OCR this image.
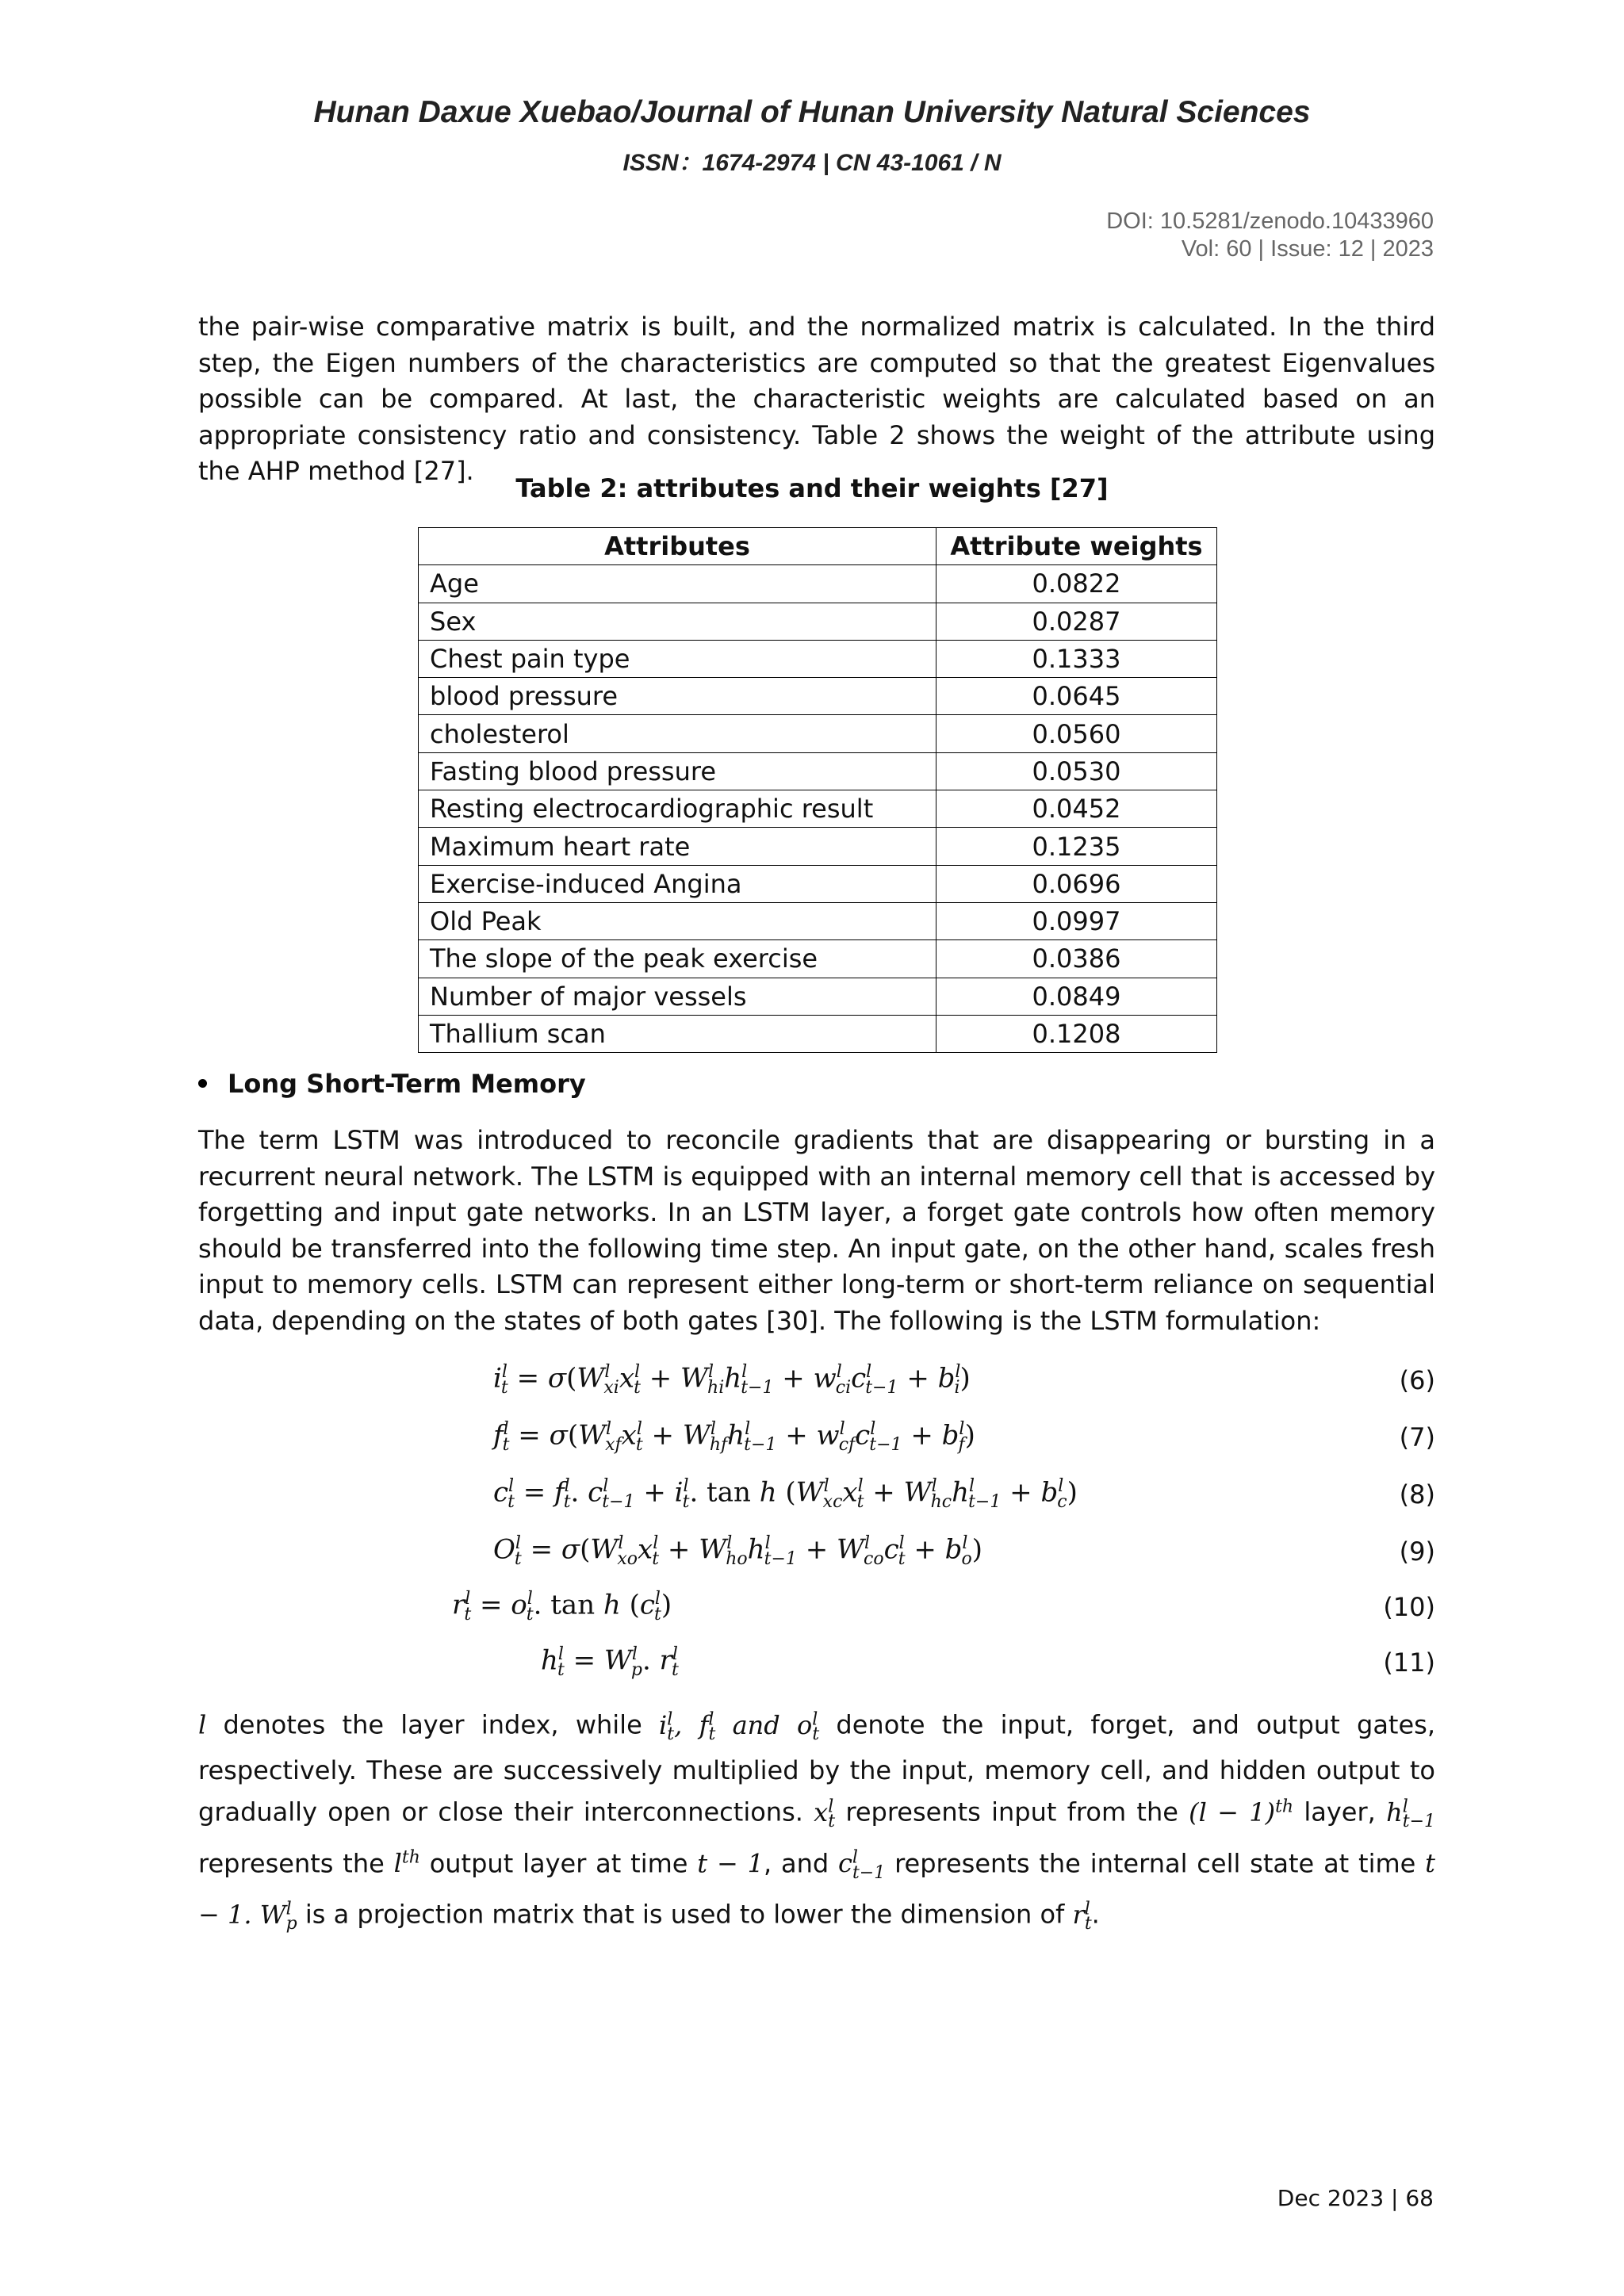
Hunan Daxue Xuebao/Journal of Hunan University Natural Sciences
ISSN：1674-2974 | CN 43-1061 / N
DOI: 10.5281/zenodo.10433960
Vol: 60 | Issue: 12 | 2023
the pair-wise comparative matrix is built, and the normalized matrix is calculated. In the third step, the Eigen numbers of the characteristics are computed so that the greatest Eigenvalues possible can be compared. At last, the characteristic weights are calculated based on an appropriate consistency ratio and consistency. Table 2 shows the weight of the attribute using the AHP method [27].
Table 2: attributes and their weights [27]
Attributes	Attribute weights
Age	0.0822
Sex	0.0287
Chest pain type	0.1333
blood pressure	0.0645
cholesterol	0.0560
Fasting blood pressure	0.0530
Resting electrocardiographic result	0.0452
Maximum heart rate	0.1235
Exercise-induced Angina	0.0696
Old Peak	0.0997
The slope of the peak exercise	0.0386
Number of major vessels	0.0849
Thallium scan	0.1208
Long Short-Term Memory
The term LSTM was introduced to reconcile gradients that are disappearing or bursting in a recurrent neural network. The LSTM is equipped with an internal memory cell that is accessed by forgetting and input gate networks. In an LSTM layer, a forget gate controls how often memory should be transferred into the following time step. An input gate, on the other hand, scales fresh input to memory cells. LSTM can represent either long-term or short-term reliance on sequential data, depending on the states of both gates [30]. The following is the LSTM formulation:
$i^l_t = \sigma(W^l_{xi}x^l_t + W^l_{hi}h^l_{t-1} + w^l_{ci}c^l_{t-1} + b^l_i)$	(6)
$f^l_t = \sigma(W^l_{xf}x^l_t + W^l_{hf}h^l_{t-1} + w^l_{cf}c^l_{t-1} + b^l_f)$	(7)
$c^l_t = f^l_t$. $c^l_{t-1} + i^l_t$. tan h $(W^l_{xc}x^l_t + W^l_{hc}h^l_{t-1} + b^l_c)$	(8)
$O^l_t = \sigma(W^l_{xo}x^l_t + W^l_{ho}h^l_{t-1} + W^l_{co}c^l_t + b^l_o)$	(9)
$r^l_t = o^l_t$. tan h $(c^l_t)$	(10)
$h^l_t = W^l_p$. $r^l_t$	(11)
l denotes the layer index, while $i^l_t$, $f^l_t$ and $o^l_t$ denote the input, forget, and output gates, respectively. These are successively multiplied by the input, memory cell, and hidden output to gradually open or close their interconnections. $x^l_t$ represents input from the $(l - 1)^{th}$ layer, $h^l_{t-1}$ represents the $l^{th}$ output layer at time t − 1, and $c^l_{t-1}$ represents the internal cell state at time t − 1. $W^l_p$ is a projection matrix that is used to lower the dimension of $r^l_t$.
Dec 2023 | 68
